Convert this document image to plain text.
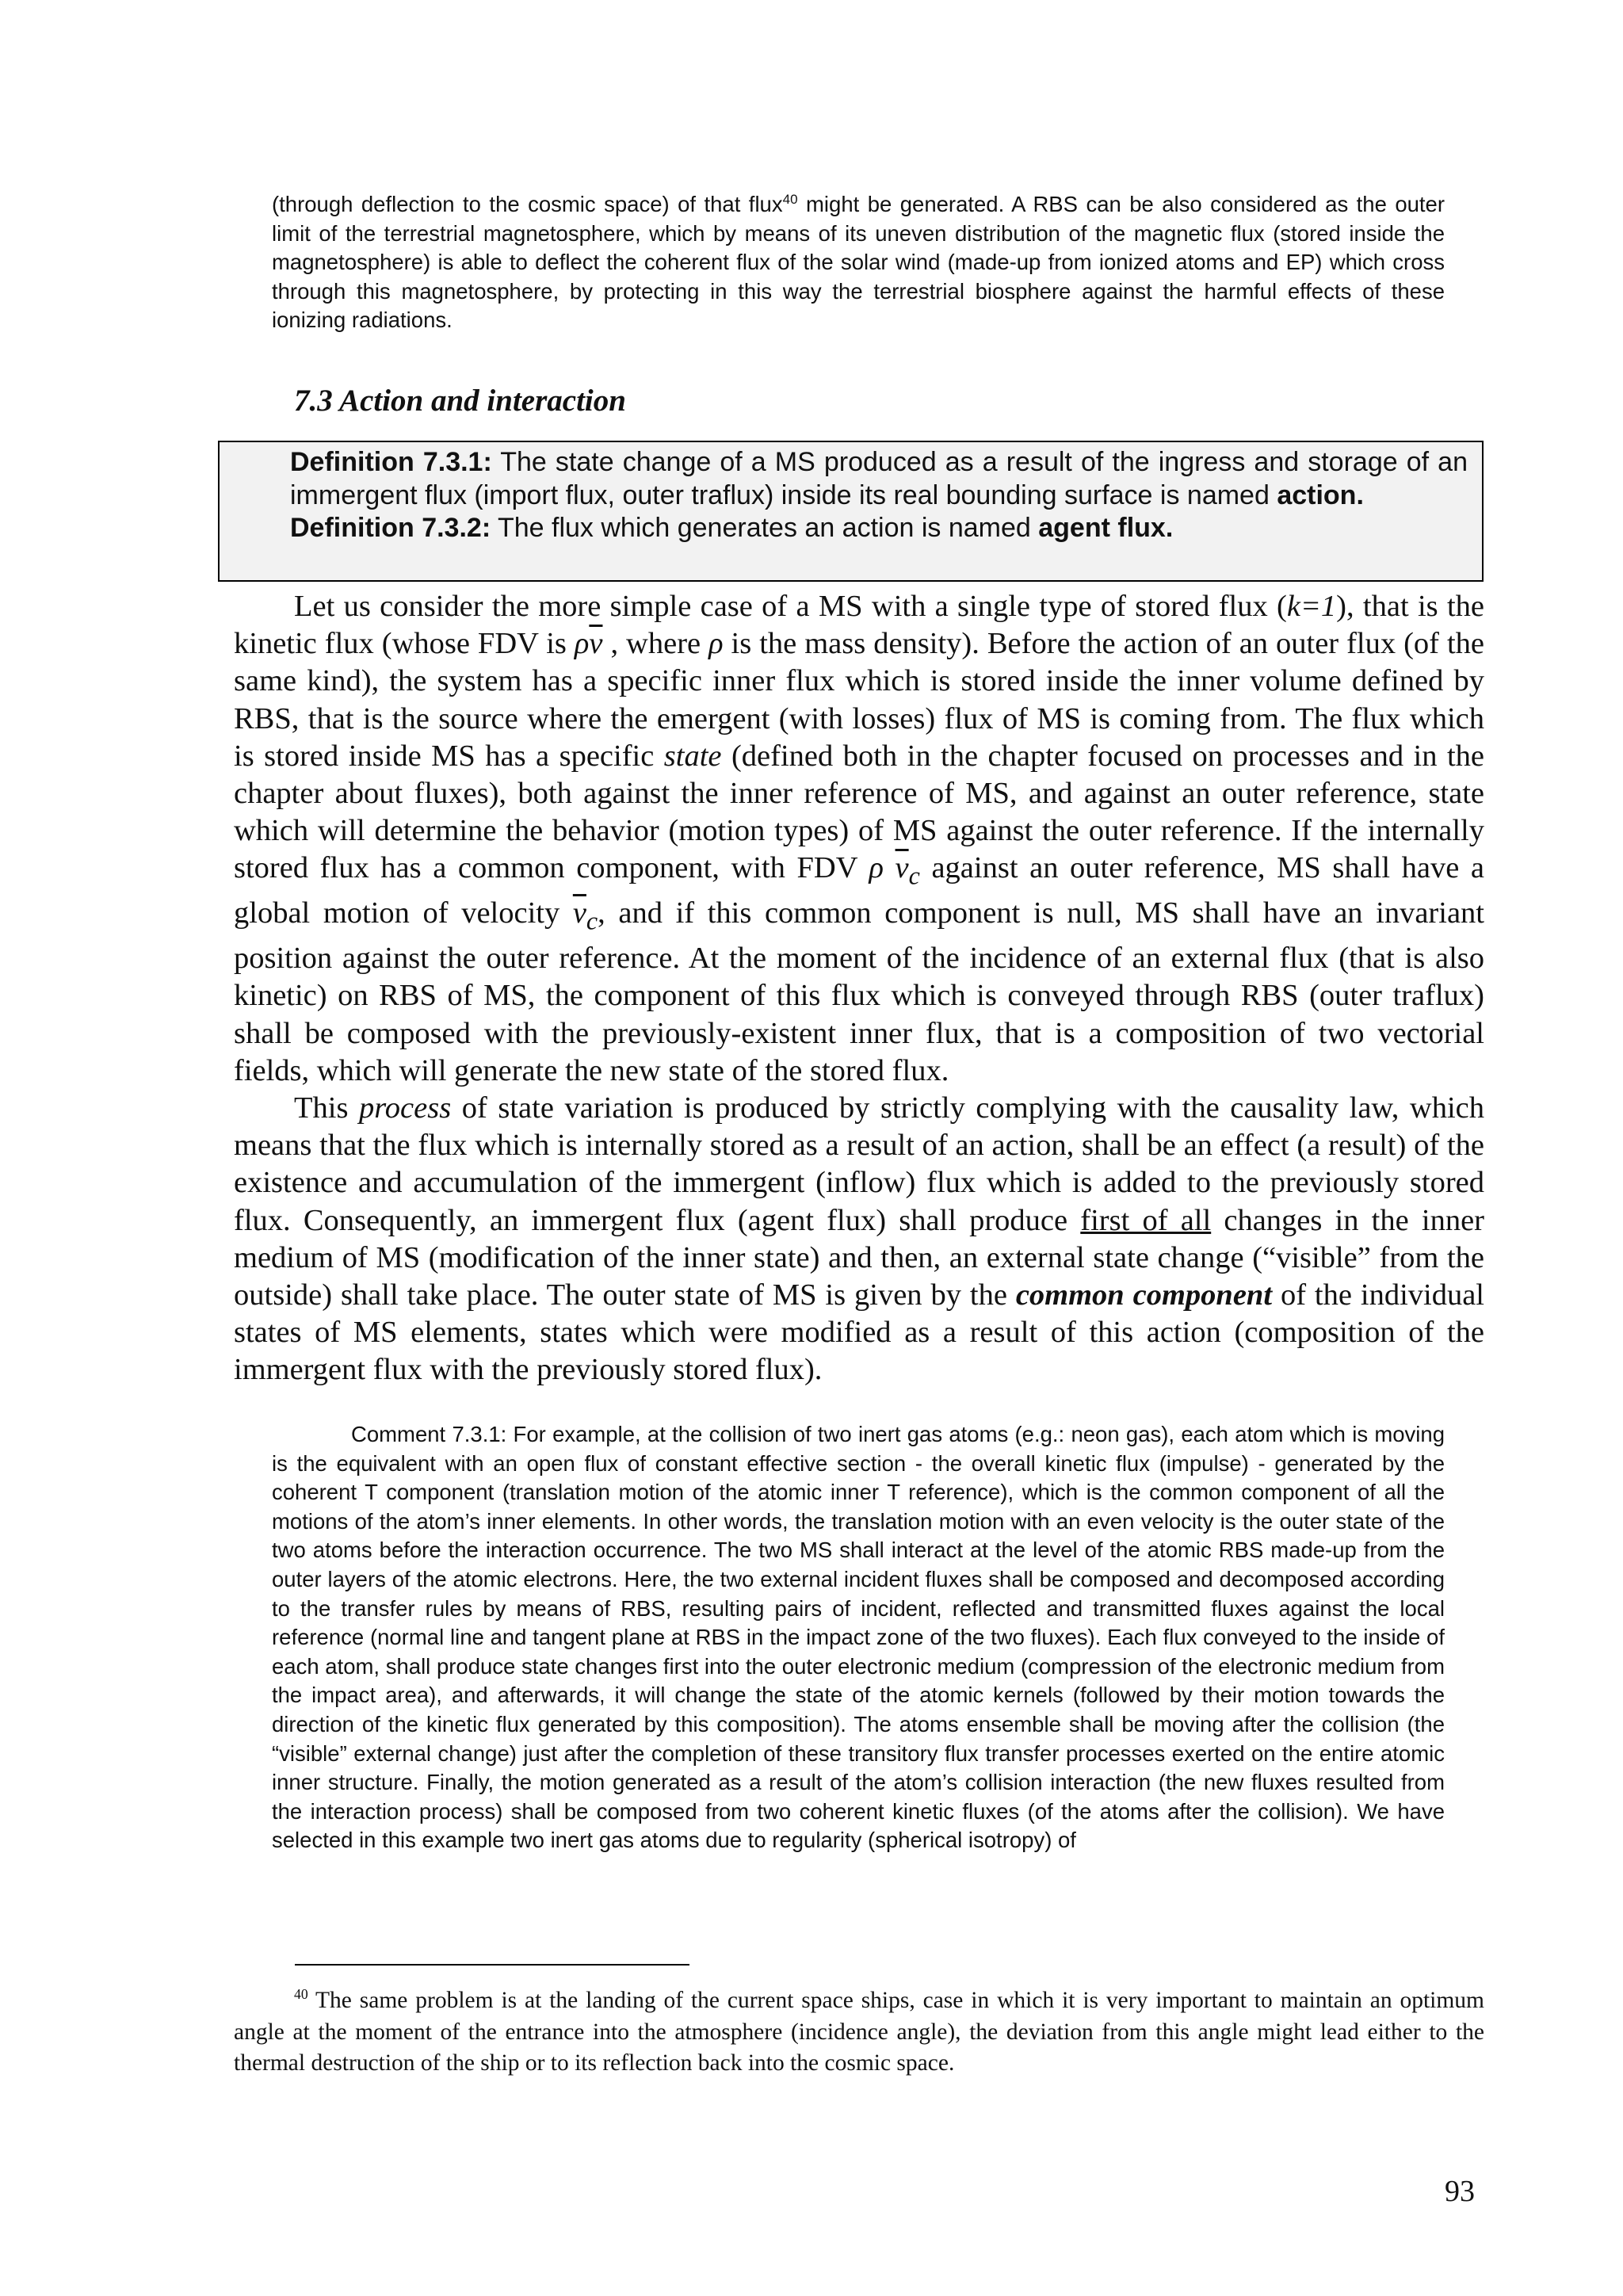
(through deflection to the cosmic space) of that flux$^{40}$ might be generated. A RBS can be also considered as the outer limit of the terrestrial magnetosphere, which by means of its uneven distribution of the magnetic flux (stored inside the magnetosphere) is able to deflect the coherent flux of the solar wind (made-up from ionized atoms and EP) which cross through this magnetosphere, by protecting in this way the terrestrial biosphere against the harmful effects of these ionizing radiations.

7.3 Action and interaction

Definition 7.3.1: The state change of a MS produced as a result of the ingress and storage of an immergent flux (import flux, outer traflux) inside its real bounding surface is named action.

Definition 7.3.2: The flux which generates an action is named agent flux.

Let us consider the more simple case of a MS with a single type of stored flux (k=1), that is the kinetic flux (whose FDV is $\rho\overline{v}$ , where ρ is the mass density). Before the action of an outer flux (of the same kind), the system has a specific inner flux which is stored inside the inner volume defined by RBS, that is the source where the emergent (with losses) flux of MS is coming from. The flux which is stored inside MS has a specific state (defined both in the chapter focused on processes and in the chapter about fluxes), both against the inner reference of MS, and against an outer reference, state which will determine the behavior (motion types) of MS against the outer reference. If the internally stored flux has a common component, with FDV ρ $\overline{v}_c$ against an outer reference, MS shall have a global motion of velocity $\overline{v}_c$, and if this common component is null, MS shall have an invariant position against the outer reference. At the moment of the incidence of an external flux (that is also kinetic) on RBS of MS, the component of this flux which is conveyed through RBS (outer traflux) shall be composed with the previously-existent inner flux, that is a composition of two vectorial fields, which will generate the new state of the stored flux.

This process of state variation is produced by strictly complying with the causality law, which means that the flux which is internally stored as a result of an action, shall be an effect (a result) of the existence and accumulation of the immergent (inflow) flux which is added to the previously stored flux. Consequently, an immergent flux (agent flux) shall produce first of all changes in the inner medium of MS (modification of the inner state) and then, an external state change (“visible” from the outside) shall take place. The outer state of MS is given by the common component of the individual states of MS elements, states which were modified as a result of this action (composition of the immergent flux with the previously stored flux).

Comment 7.3.1: For example, at the collision of two inert gas atoms (e.g.: neon gas), each atom which is moving is the equivalent with an open flux of constant effective section - the overall kinetic flux (impulse) - generated by the coherent T component (translation motion of the atomic inner T reference), which is the common component of all the motions of the atom’s inner elements. In other words, the translation motion with an even velocity is the outer state of the two atoms before the interaction occurrence. The two MS shall interact at the level of the atomic RBS made-up from the outer layers of the atomic electrons. Here, the two external incident fluxes shall be composed and decomposed according to the transfer rules by means of RBS, resulting pairs of incident, reflected and transmitted fluxes against the local reference (normal line and tangent plane at RBS in the impact zone of the two fluxes). Each flux conveyed to the inside of each atom, shall produce state changes first into the outer electronic medium (compression of the electronic medium from the impact area), and afterwards, it will change the state of the atomic kernels (followed by their motion towards the direction of the kinetic flux generated by this composition). The atoms ensemble shall be moving after the collision (the “visible” external change) just after the completion of these transitory flux transfer processes exerted on the entire atomic inner structure. Finally, the motion generated as a result of the atom’s collision interaction (the new fluxes resulted from the interaction process) shall be composed from two coherent kinetic fluxes (of the atoms after the collision). We have selected in this example two inert gas atoms due to regularity (spherical isotropy) of

$^{40}$ The same problem is at the landing of the current space ships, case in which it is very important to maintain an optimum angle at the moment of the entrance into the atmosphere (incidence angle), the deviation from this angle might lead either to the thermal destruction of the ship or to its reflection back into the cosmic space.

93
